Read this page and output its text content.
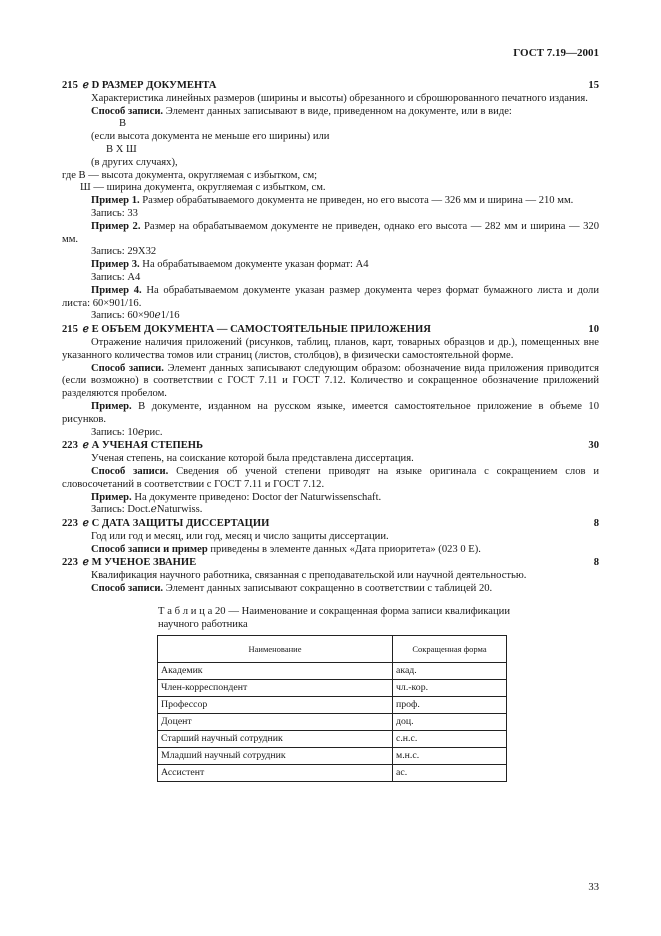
ГОСТ 7.19—2001
215  ℯ D РАЗМЕР ДОКУМЕНТА	15
Характеристика линейных размеров (ширины и высоты) обрезанного и сброшюрованного печатного издания.
Способ записи. Элемент данных записывают в виде, приведенном на документе, или в виде:
В
(если высота документа не меньше его ширины) или
В Х Ш
(в других случаях),
где В — высота документа, округляемая с избытком, см;
Ш — ширина документа, округляемая с избытком, см.
Пример 1. Размер обрабатываемого документа не приведен, но его высота — 326 мм и ширина — 210 мм.
Запись: 33
Пример 2. Размер на обрабатываемом документе не приведен, однако его высота — 282 мм и ширина — 320 мм.
Запись: 29Х32
Пример 3. На обрабатываемом документе указан формат: А4
Запись: А4
Пример 4. На обрабатываемом документе указан размер документа через формат бумажного листа и доли листа: 60×901/16.
Запись: 60×90ℯ1/16
215  ℯ Е ОБЪЕМ ДОКУМЕНТА — САМОСТОЯТЕЛЬНЫЕ ПРИЛОЖЕНИЯ	10
Отражение наличия приложений (рисунков, таблиц, планов, карт, товарных образцов и др.), помещенных вне указанного количества томов или страниц (листов, столбцов), в физически самостоятельной форме.
Способ записи. Элемент данных записывают следующим образом: обозначение вида приложения приводится (если возможно) в соответствии с ГОСТ 7.11 и ГОСТ 7.12. Количество и сокращенное обозначение приложений разделяются пробелом.
Пример. В документе, изданном на русском языке, имеется самостоятельное приложение в объеме 10 рисунков.
Запись: 10ℯрис.
223  ℯ А УЧЕНАЯ СТЕПЕНЬ	30
Ученая степень, на соискание которой была представлена диссертация.
Способ записи. Сведения об ученой степени приводят на языке оригинала с сокращением слов и словосочетаний в соответствии с ГОСТ 7.11 и ГОСТ 7.12.
Пример. На документе приведено: Doctor der Naturwissenschaft.
Запись: Doct.ℯNaturwiss.
223  ℯ С ДАТА ЗАЩИТЫ ДИССЕРТАЦИИ	8
Год или год и месяц, или год, месяц и число защиты диссертации.
Способ записи и пример приведены в элементе данных «Дата приоритета» (023 0 Е).
223  ℯ М УЧЕНОЕ ЗВАНИЕ	8
Квалификация научного работника, связанная с преподавательской или научной деятельностью.
Способ записи. Элемент данных записывают сокращенно в соответствии с таблицей 20.
Т а б л и ц а 20 — Наименование и сокращенная форма записи квалификации научного работника
Наименование	Сокращенная форма
Академик	акад.
Член-корреспондент	чл.-кор.
Профессор	проф.
Доцент	доц.
Старший научный сотрудник	с.н.с.
Младший научный сотрудник	м.н.с.
Ассистент	ас.
33
